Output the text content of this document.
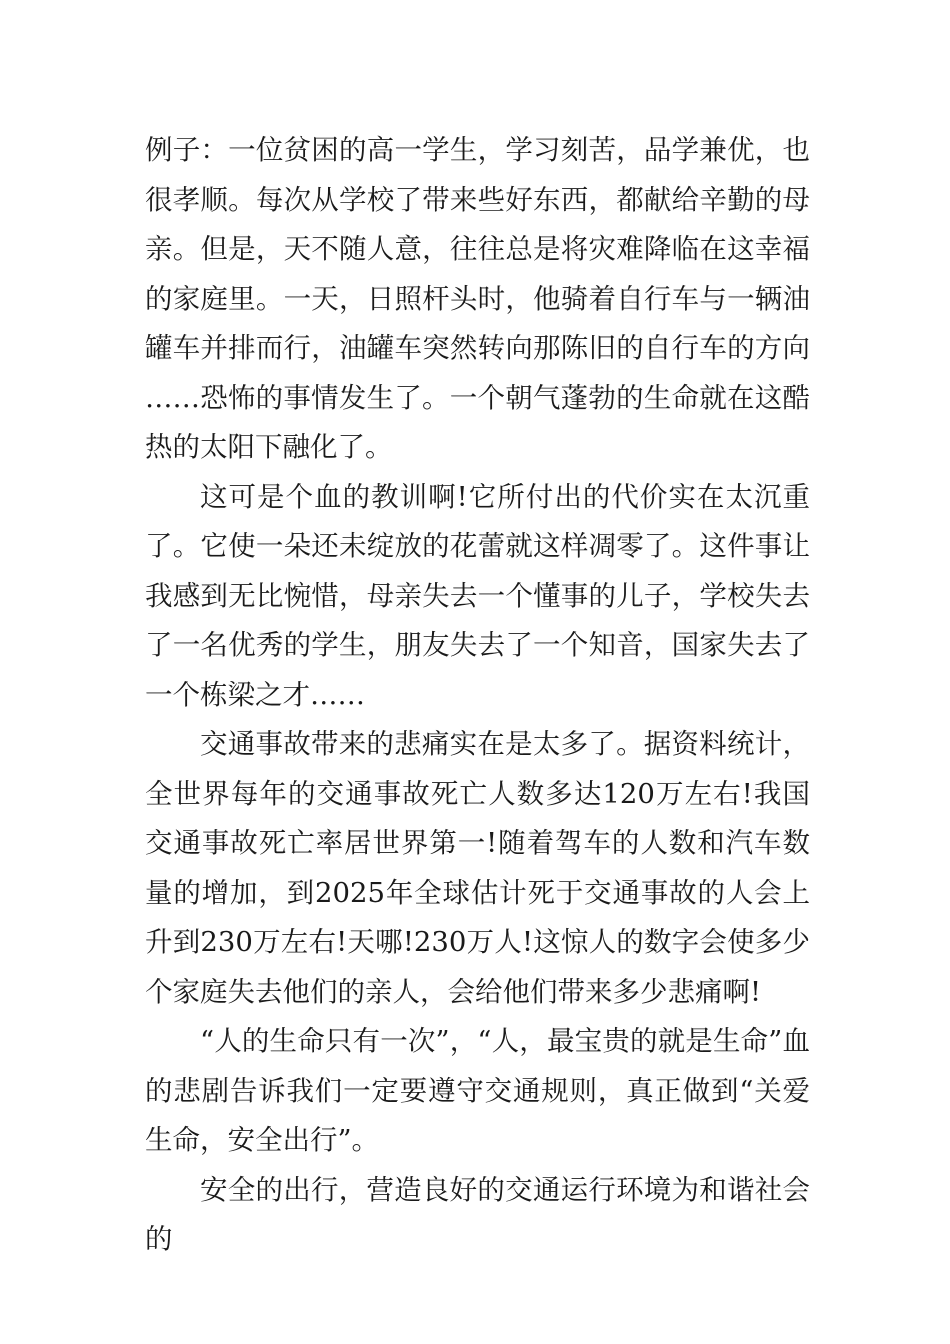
例子：一位贫困的高一学生，学习刻苦，品学兼优，也很孝顺。每次从学校了带来些好东西，都献给辛勤的母亲。但是，天不随人意，往往总是将灾难降临在这幸福的家庭里。一天，日照杆头时，他骑着自行车与一辆油罐车并排而行，油罐车突然转向那陈旧的自行车的方向……恐怖的事情发生了。一个朝气蓬勃的生命就在这酷热的太阳下融化了。

这可是个血的教训啊!它所付出的代价实在太沉重了。它使一朵还未绽放的花蕾就这样凋零了。这件事让我感到无比惋惜，母亲失去一个懂事的儿子，学校失去了一名优秀的学生，朋友失去了一个知音，国家失去了一个栋梁之才……

交通事故带来的悲痛实在是太多了。据资料统计，全世界每年的交通事故死亡人数多达120万左右!我国交通事故死亡率居世界第一!随着驾车的人数和汽车数量的增加，到2025年全球估计死于交通事故的人会上升到230万左右!天哪!230万人!这惊人的数字会使多少个家庭失去他们的亲人，会给他们带来多少悲痛啊!

“人的生命只有一次”，“人，最宝贵的就是生命”血的悲剧告诉我们一定要遵守交通规则，真正做到“关爱生命，安全出行”。

安全的出行，营造良好的交通运行环境为和谐社会的
